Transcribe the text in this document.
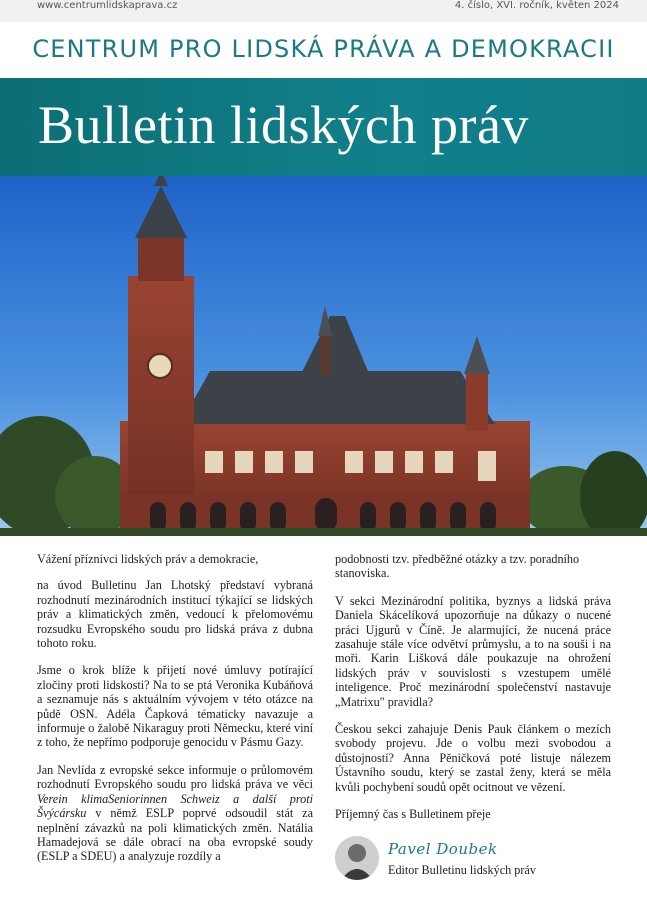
www.centrumlidskaprava.cz	4. číslo, XVI. ročník, květen 2024
CENTRUM PRO LIDSKÁ PRÁVA A DEMOKRACII
Bulletin lidských práv

Vážení příznivci lidských práv a demokracie,

na úvod Bulletinu Jan Lhotský představí vybraná rozhodnutí mezinárodních institucí týkající se lidských práv a klimatických změn, vedoucí k přelomovému rozsudku Evropského soudu pro lidská práva z dubna tohoto roku.

Jsme o krok blíže k přijetí nové úmluvy potírající zločiny proti lidskosti? Na to se ptá Veronika Kubáňová a seznamuje nás s aktuálním vývojem v této otázce na půdě OSN. Adéla Čapková tématicky navazuje a informuje o žalobě Nikaraguy proti Německu, které viní z toho, že nepřímo podporuje genocidu v Pásmu Gazy.

Jan Nevlída z evropské sekce informuje o průlomovém rozhodnutí Evropského soudu pro lidská práva ve věci Verein klimaSeniorinnen Schweiz a další proti Švýcársku v němž ESLP poprvé odsoudil stát za neplnění závazků na poli klimatických změn. Natália Hamadejová se dále obrací na oba evropské soudy (ESLP a SDEU) a analyzuje rozdíly a

podobnosti tzv. předběžné otázky a tzv. poradního stanoviska.

V sekci Mezinárodní politika, byznys a lidská práva Daniela Skácelíková upozorňuje na důkazy o nucené práci Ujgurů v Číně. Je alarmující, že nucená práce zasahuje stále více odvětví průmyslu, a to na souši i na moři. Karin Lišková dále poukazuje na ohrožení lidských práv v souvislosti s vzestupem umělé inteligence. Proč mezinárodní společenství nastavuje „Matrixu" pravidla?

Českou sekci zahajuje Denis Pauk článkem o mezích svobody projevu. Jde o volbu mezi svobodou a důstojností? Anna Pěničková poté listuje nálezem Ústavního soudu, který se zastal ženy, která se měla kvůli pochybení soudů opět ocitnout ve vězení.

Příjemný čas s Bulletinem přeje

Pavel Doubek
Editor Bulletinu lidských práv
